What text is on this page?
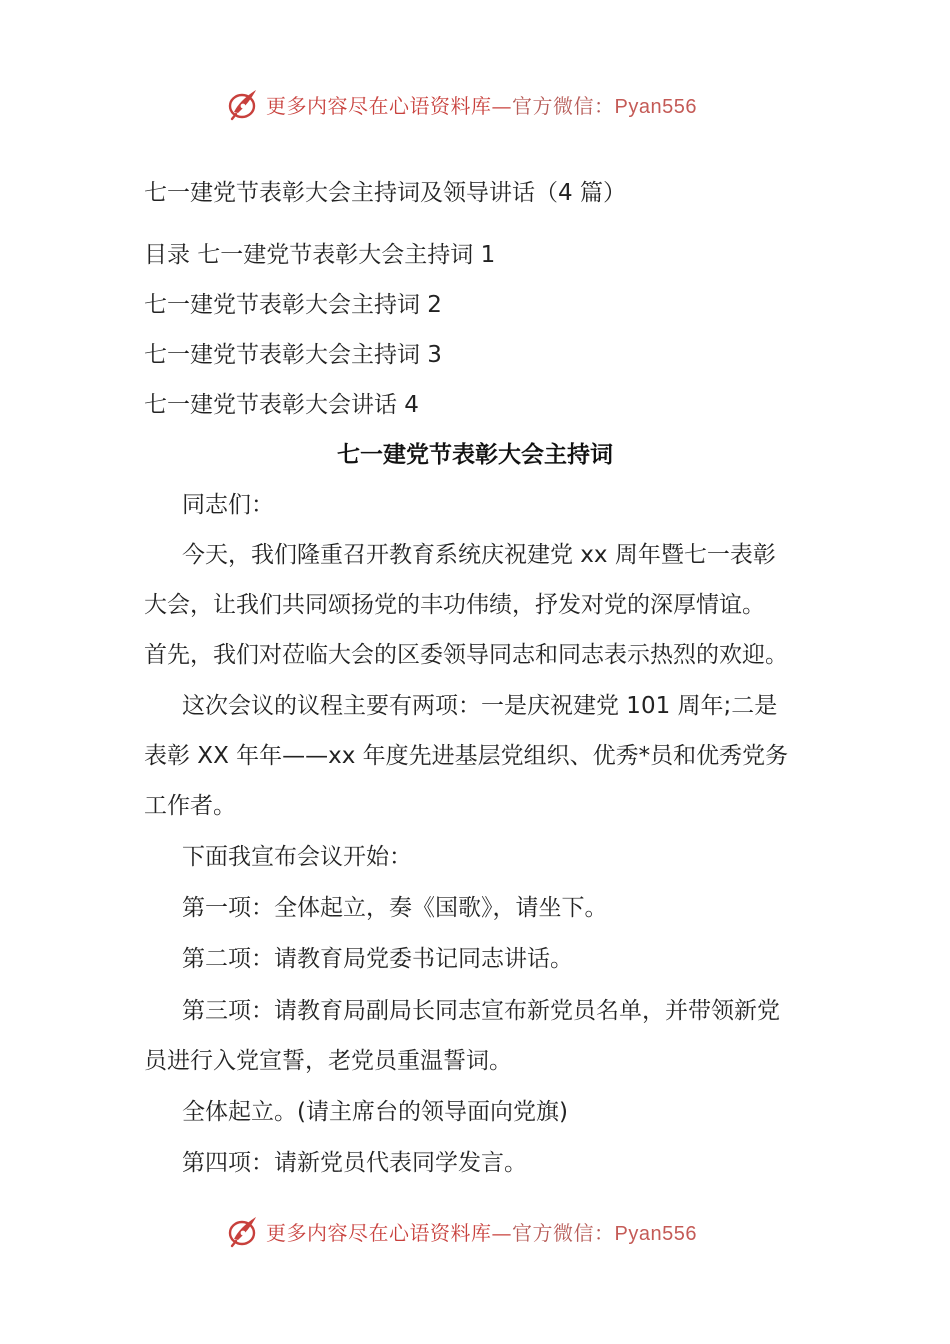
更多内容尽在心语资料库—官方微信：Pyan556
七一建党节表彰大会主持词及领导讲话（4 篇）
目录 七一建党节表彰大会主持词 1
七一建党节表彰大会主持词 2
七一建党节表彰大会主持词 3
七一建党节表彰大会讲话 4
七一建党节表彰大会主持词
同志们：
今天，我们隆重召开教育系统庆祝建党 xx 周年暨七一表彰
大会，让我们共同颂扬党的丰功伟绩，抒发对党的深厚情谊。
首先，我们对莅临大会的区委领导同志和同志表示热烈的欢迎。
这次会议的议程主要有两项：一是庆祝建党 101 周年;二是
表彰 XX 年年——xx 年度先进基层党组织、优秀*员和优秀党务
工作者。
下面我宣布会议开始：
第一项：全体起立，奏《国歌》，请坐下。
第二项：请教育局党委书记同志讲话。
第三项：请教育局副局长同志宣布新党员名单，并带领新党
员进行入党宣誓，老党员重温誓词。
全体起立。(请主席台的领导面向党旗)
第四项：请新党员代表同学发言。
更多内容尽在心语资料库—官方微信：Pyan556
